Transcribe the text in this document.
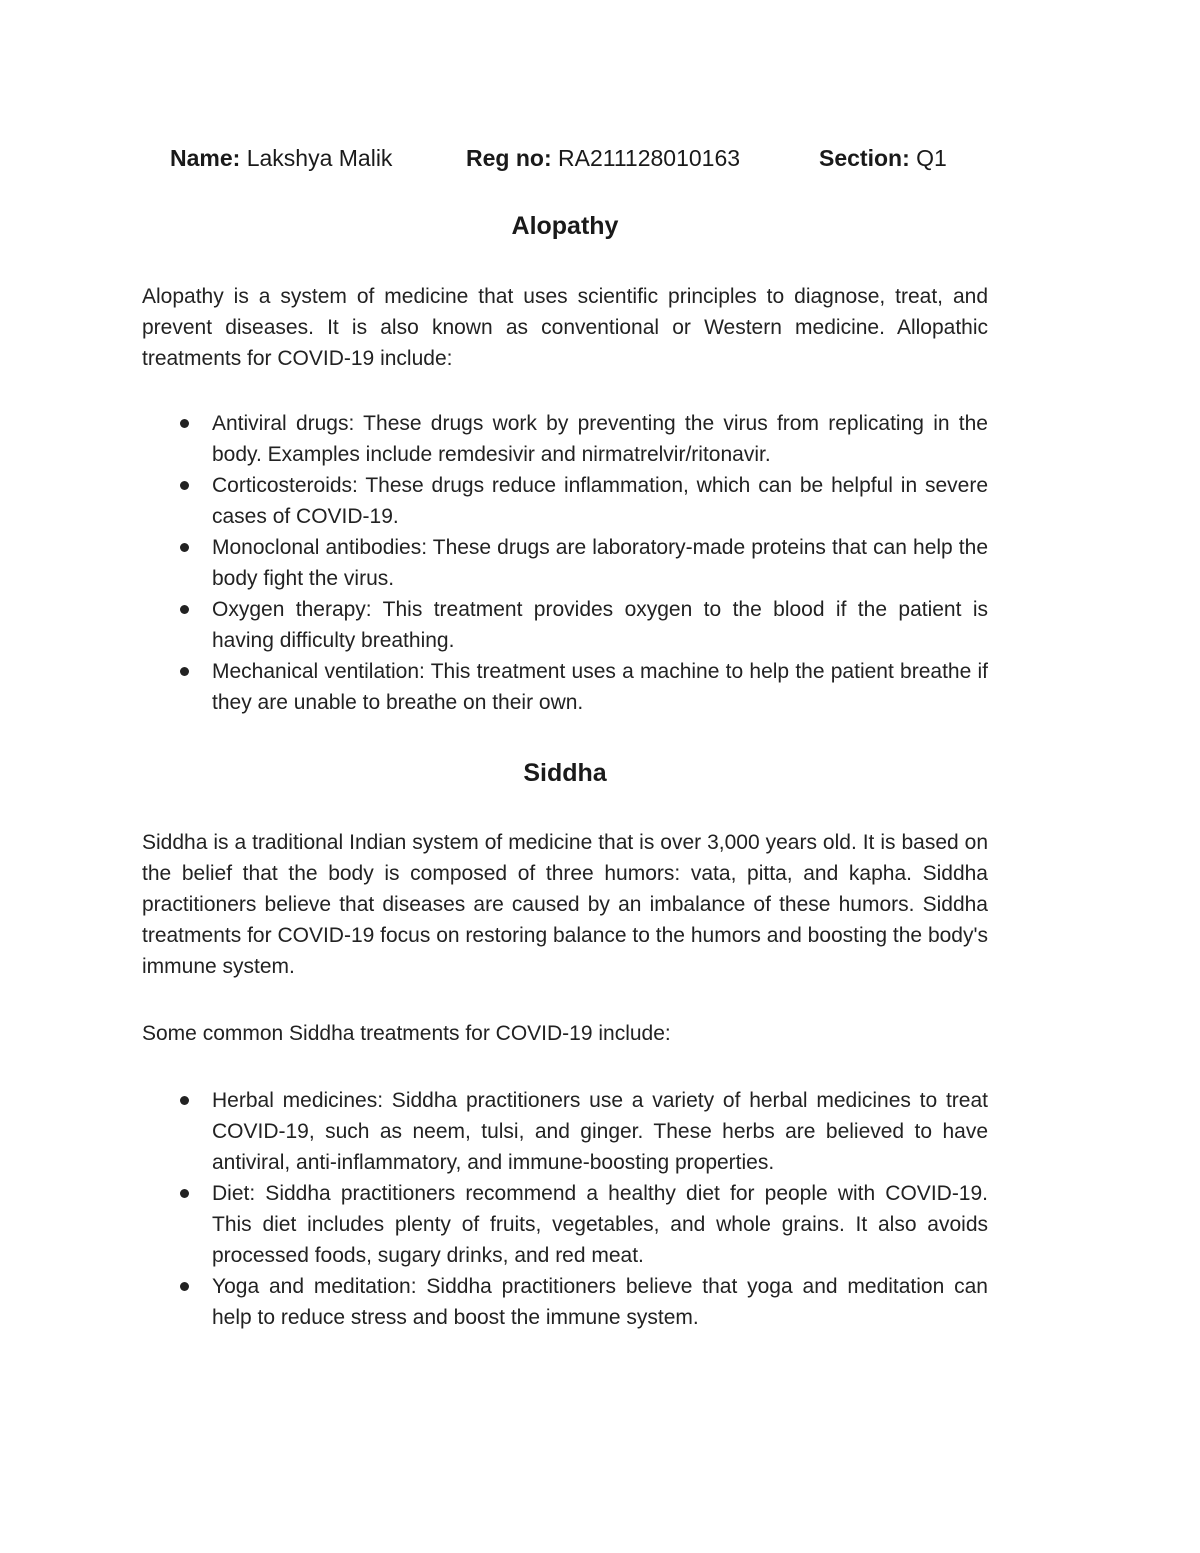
Name: Lakshya Malik	Reg no: RA211128010163	Section: Q1
Alopathy

Alopathy is a system of medicine that uses scientific principles to diagnose, treat, and prevent diseases. It is also known as conventional or Western medicine. Allopathic treatments for COVID-19 include:

Antiviral drugs: These drugs work by preventing the virus from replicating in the body. Examples include remdesivir and nirmatrelvir/ritonavir.
Corticosteroids: These drugs reduce inflammation, which can be helpful in severe cases of COVID-19.
Monoclonal antibodies: These drugs are laboratory-made proteins that can help the body fight the virus.
Oxygen therapy: This treatment provides oxygen to the blood if the patient is having difficulty breathing.
Mechanical ventilation: This treatment uses a machine to help the patient breathe if they are unable to breathe on their own.
Siddha

Siddha is a traditional Indian system of medicine that is over 3,000 years old. It is based on the belief that the body is composed of three humors: vata, pitta, and kapha. Siddha practitioners believe that diseases are caused by an imbalance of these humors. Siddha treatments for COVID-19 focus on restoring balance to the humors and boosting the body's immune system.

Some common Siddha treatments for COVID-19 include:

Herbal medicines: Siddha practitioners use a variety of herbal medicines to treat COVID-19, such as neem, tulsi, and ginger. These herbs are believed to have antiviral, anti-inflammatory, and immune-boosting properties.
Diet: Siddha practitioners recommend a healthy diet for people with COVID-19. This diet includes plenty of fruits, vegetables, and whole grains. It also avoids processed foods, sugary drinks, and red meat.
Yoga and meditation: Siddha practitioners believe that yoga and meditation can help to reduce stress and boost the immune system.
